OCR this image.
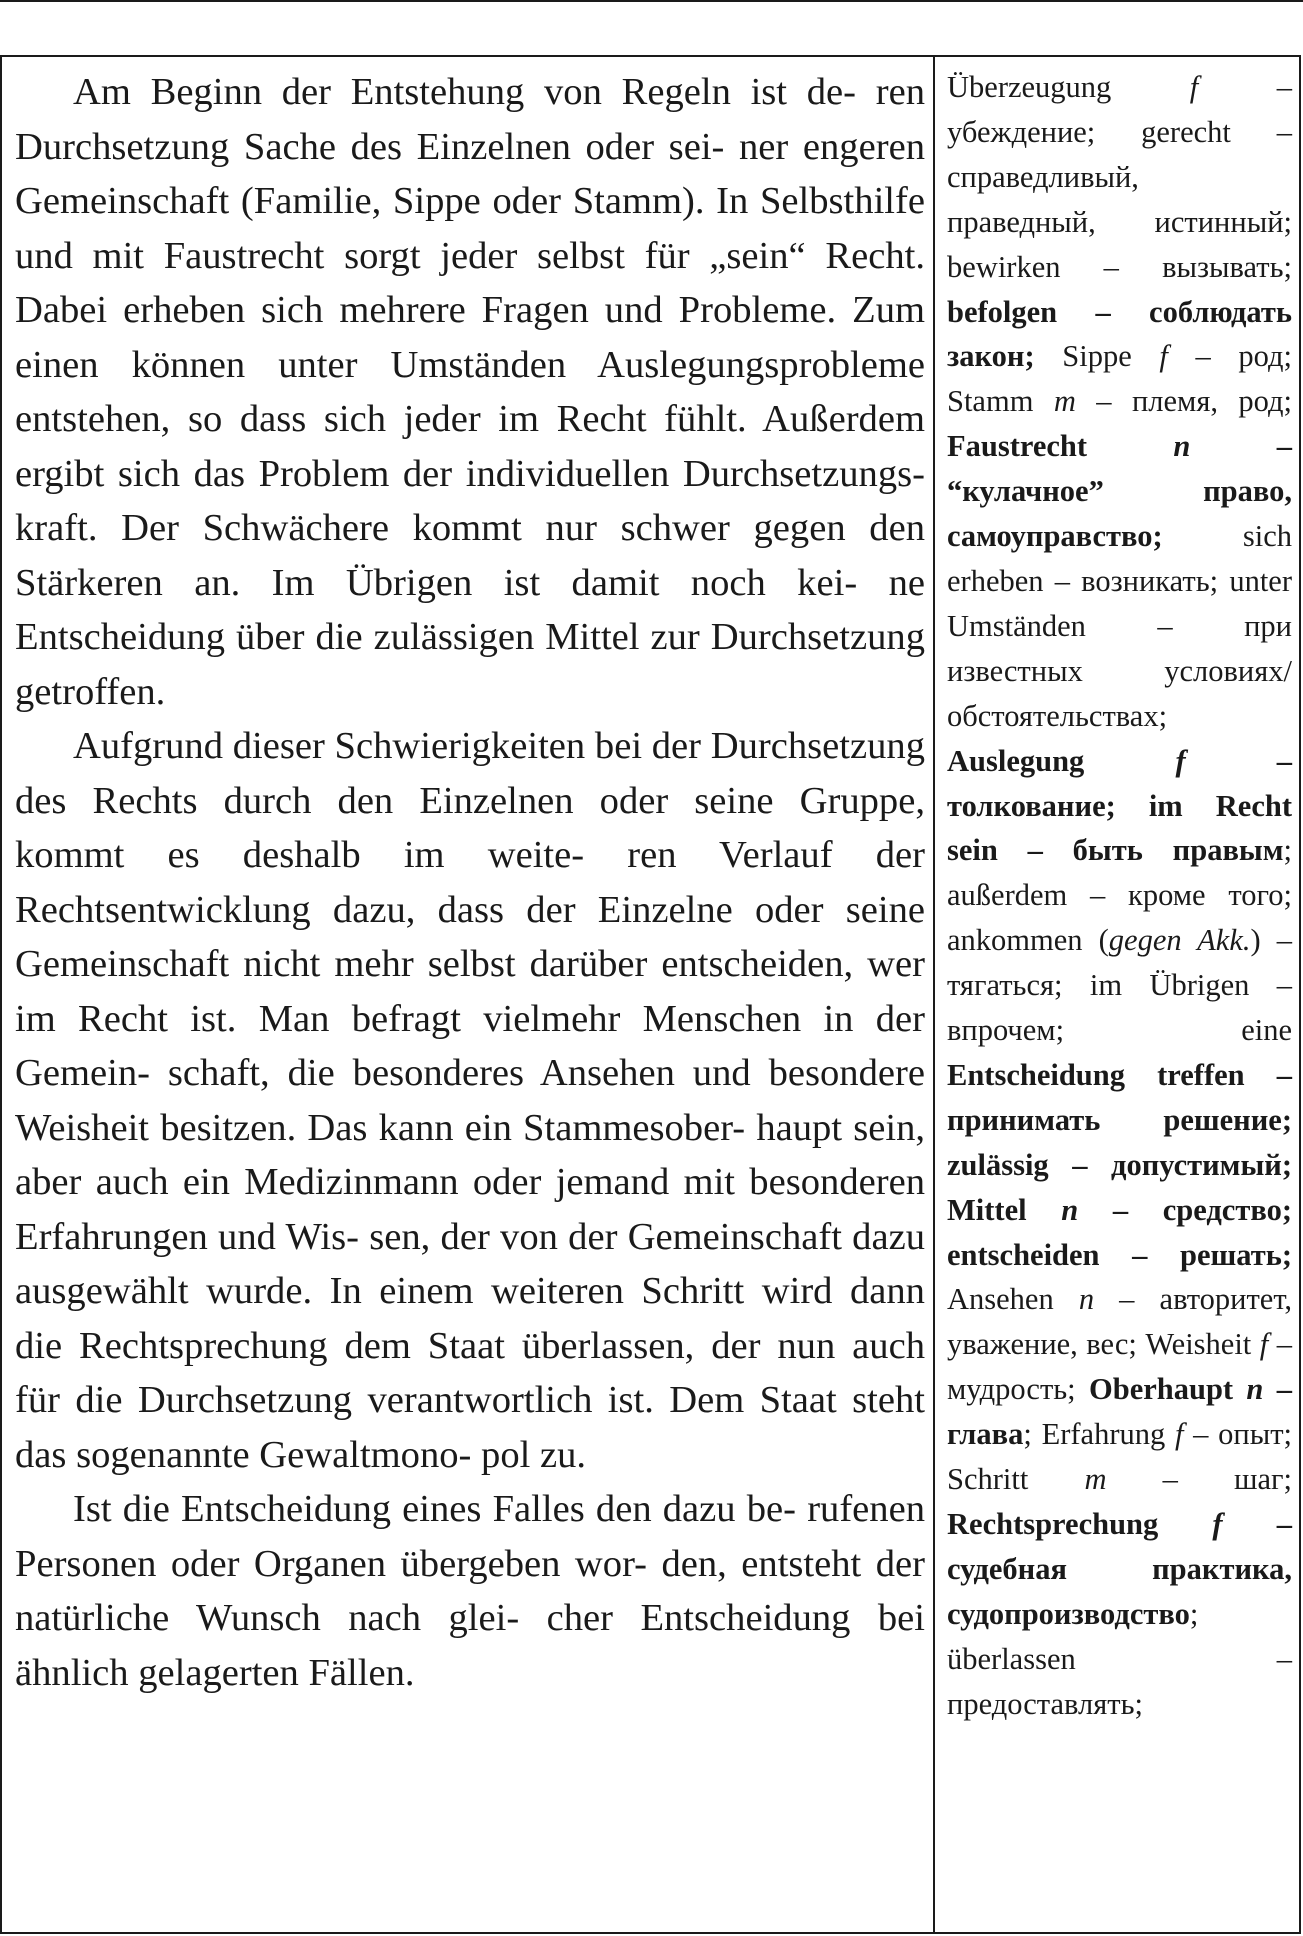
Am Beginn der Entstehung von Regeln ist de- ren Durchsetzung Sache des Einzelnen oder sei- ner engeren Gemeinschaft (Familie, Sippe oder Stamm). In Selbsthilfe und mit Faustrecht sorgt jeder selbst für „sein“ Recht. Dabei erheben sich mehrere Fragen und Probleme. Zum einen können unter Umständen Auslegungsprobleme entstehen, so dass sich jeder im Recht fühlt. Außerdem ergibt sich das Problem der individuellen Durchsetzungs- kraft. Der Schwächere kommt nur schwer gegen den Stärkeren an. Im Übrigen ist damit noch kei- ne Entscheidung über die zulässigen Mittel zur Durchsetzung getroffen.

Aufgrund dieser Schwierigkeiten bei der Durchsetzung des Rechts durch den Einzelnen oder seine Gruppe, kommt es deshalb im weite- ren Verlauf der Rechtsentwicklung dazu, dass der Einzelne oder seine Gemeinschaft nicht mehr selbst darüber entscheiden, wer im Recht ist. Man befragt vielmehr Menschen in der Gemein- schaft, die besonderes Ansehen und besondere Weisheit besitzen. Das kann ein Stammesober- haupt sein, aber auch ein Medizinmann oder jemand mit besonderen Erfahrungen und Wis- sen, der von der Gemeinschaft dazu ausgewählt wurde. In einem weiteren Schritt wird dann die Rechtsprechung dem Staat überlassen, der nun auch für die Durchsetzung verantwortlich ist. Dem Staat steht das sogenannte Gewaltmono- pol zu.

Ist die Entscheidung eines Falles den dazu be- rufenen Personen oder Organen übergeben wor- den, entsteht der natürliche Wunsch nach glei- cher Entscheidung bei ähnlich gelagerten Fällen.

Überzeugung f – убеждение; gerecht – справедливый, праведный, истинный; bewirken – вызывать; befolgen – соблюдать закон; Sippe f – род; Stamm m – племя, род; Faustrecht n – “кулачное” право, самоуправство; sich erheben – возникать; unter Umständen – при известных условиях/обстоятельствах; Auslegung f – толкование; im Recht sein – быть правым; außerdem – кроме того; ankommen (gegen Akk.) – тягаться; im Übrigen – впрочем; eine Entscheidung treffen – принимать решение; zulässig – допустимый; Mittel n – средство; entscheiden – решать; Ansehen n – авторитет, уважение, вес; Weisheit f – мудрость; Oberhaupt n – глава; Erfahrung f – опыт; Schritt m – шаг; Rechtsprechung f – судебная практика, судопроизводство; überlassen – предоставлять;
